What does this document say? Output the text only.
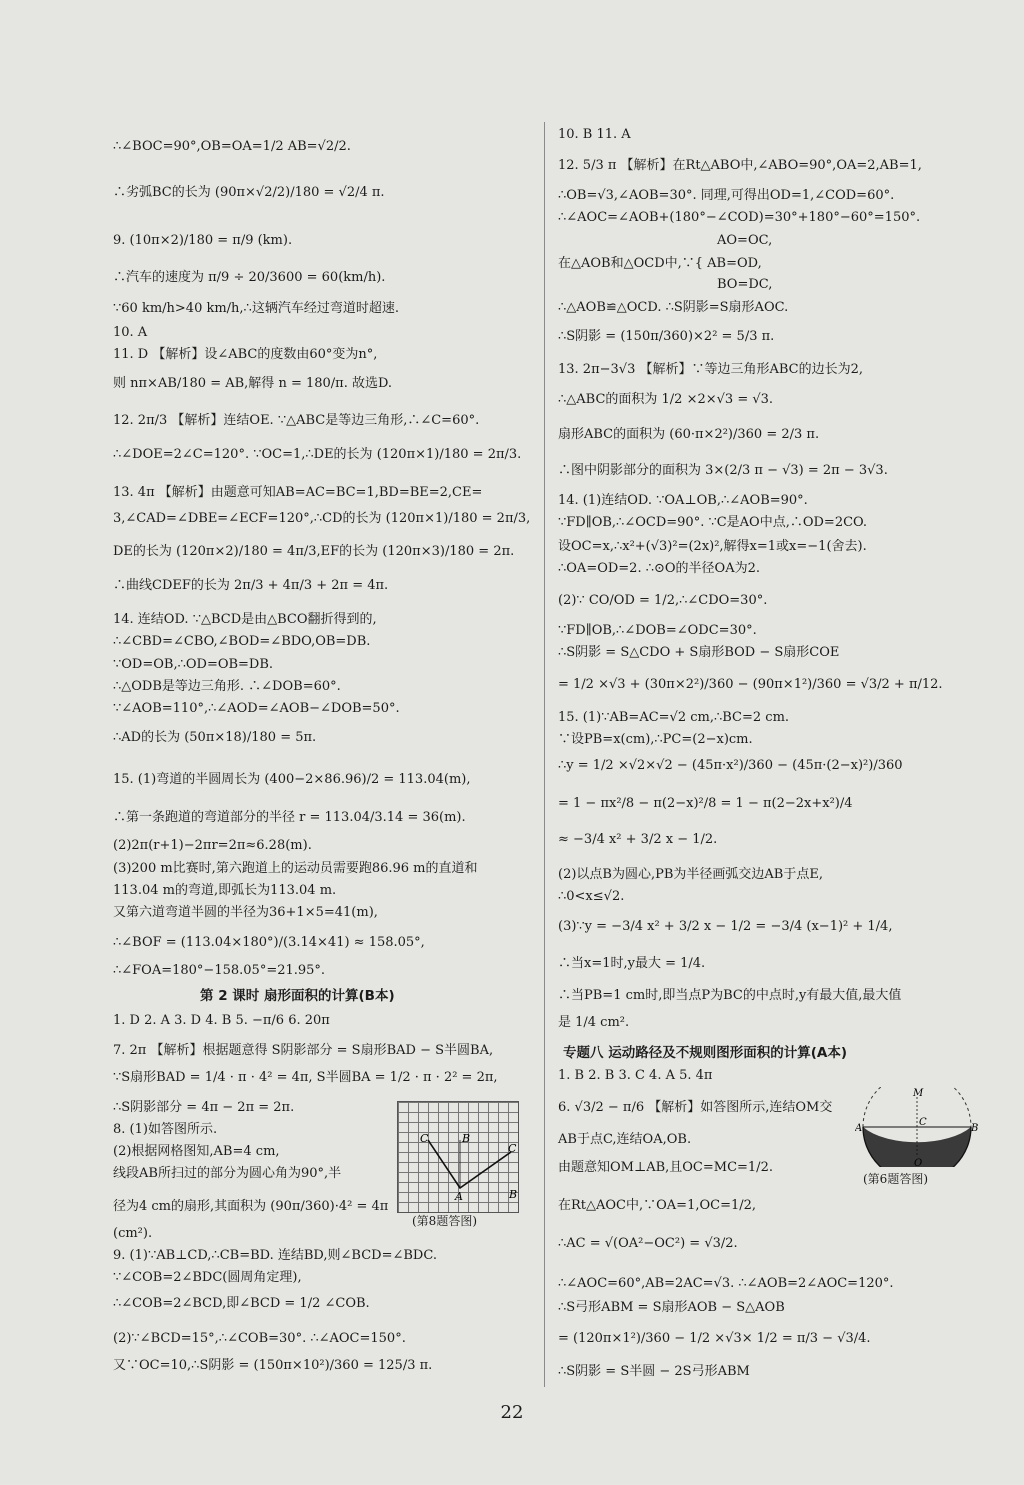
∴∠BOC=90°,OB=OA=1/2 AB=√2/2.
∴劣弧BC的长为 (90π×√2/2)/180 = √2/4 π.
9. (10π×2)/180 = π/9 (km).
∴汽车的速度为 π/9 ÷ 20/3600 = 60(km/h).
∵60 km/h>40 km/h,∴这辆汽车经过弯道时超速.
10. A
11. D 【解析】设∠ABC的度数由60°变为n°,
则 nπ×AB/180 = AB,解得 n = 180/π. 故选D.
12. 2π/3 【解析】连结OE. ∵△ABC是等边三角形,∴∠C=60°.
∴∠DOE=2∠C=120°. ∵OC=1,∴DE的长为 (120π×1)/180 = 2π/3.
13. 4π 【解析】由题意可知AB=AC=BC=1,BD=BE=2,CE=
3,∠CAD=∠DBE=∠ECF=120°,∴CD的长为 (120π×1)/180 = 2π/3,
DE的长为 (120π×2)/180 = 4π/3,EF的长为 (120π×3)/180 = 2π.
∴曲线CDEF的长为 2π/3 + 4π/3 + 2π = 4π.
14. 连结OD. ∵△BCD是由△BCO翻折得到的,
∴∠CBD=∠CBO,∠BOD=∠BDO,OB=DB.
∵OD=OB,∴OD=OB=DB.
∴△ODB是等边三角形. ∴∠DOB=60°.
∵∠AOB=110°,∴∠AOD=∠AOB−∠DOB=50°.
∴AD的长为 (50π×18)/180 = 5π.
15. (1)弯道的半圆周长为 (400−2×86.96)/2 = 113.04(m),
∴第一条跑道的弯道部分的半径 r = 113.04/3.14 = 36(m).
(2)2π(r+1)−2πr=2π≈6.28(m).
(3)200 m比赛时,第六跑道上的运动员需要跑86.96 m的直道和
113.04 m的弯道,即弧长为113.04 m.
又第六道弯道半圆的半径为36+1×5=41(m),
∴∠BOF = (113.04×180°)/(3.14×41) ≈ 158.05°,
∴∠FOA=180°−158.05°=21.95°.
第 2 课时 扇形面积的计算(B本)
1. D 2. A 3. D 4. B 5. −π/6 6. 20π
7. 2π 【解析】根据题意得 S阴影部分 = S扇形BAD − S半圆BA,
∵S扇形BAD = 1/4 · π · 4² = 4π, S半圆BA = 1/2 · π · 2² = 2π,
∴S阴影部分 = 4π − 2π = 2π.
8. (1)如答图所示.
(2)根据网格图知,AB=4 cm,
线段AB所扫过的部分为圆心角为90°,半
径为4 cm的扇形,其面积为 (90π/360)·4² = 4π
(cm²).
9. (1)∵AB⊥CD,∴CB=BD. 连结BD,则∠BCD=∠BDC.
∵∠COB=2∠BDC(圆周角定理),
∴∠COB=2∠BCD,即∠BCD = 1/2 ∠COB.
(2)∵∠BCD=15°,∴∠COB=30°. ∴∠AOC=150°.
又∵OC=10,∴S阴影 = (150π×10²)/360 = 125/3 π.
C	B
C
A	B
(第8题答图)
10. B 11. A
12. 5/3 π 【解析】在Rt△ABO中,∠ABO=90°,OA=2,AB=1,
∴OB=√3,∠AOB=30°. 同理,可得出OD=1,∠COD=60°.
∴∠AOC=∠AOB+(180°−∠COD)=30°+180°−60°=150°.
AO=OC,
在△AOB和△OCD中,∵{ AB=OD,
BO=DC,
∴△AOB≌△OCD. ∴S阴影=S扇形AOC.
∴S阴影 = (150π/360)×2² = 5/3 π.
13. 2π−3√3 【解析】∵等边三角形ABC的边长为2,
∴△ABC的面积为 1/2 ×2×√3 = √3.
扇形ABC的面积为 (60·π×2²)/360 = 2/3 π.
∴图中阴影部分的面积为 3×(2/3 π − √3) = 2π − 3√3.
14. (1)连结OD. ∵OA⊥OB,∴∠AOB=90°.
∵FD∥OB,∴∠OCD=90°. ∵C是AO中点,∴OD=2CO.
设OC=x,∴x²+(√3)²=(2x)²,解得x=1或x=−1(舍去).
∴OA=OD=2. ∴⊙O的半径OA为2.
(2)∵ CO/OD = 1/2,∴∠CDO=30°.
∵FD∥OB,∴∠DOB=∠ODC=30°.
∴S阴影 = S△CDO + S扇形BOD − S扇形COE
= 1/2 ×√3 + (30π×2²)/360 − (90π×1²)/360 = √3/2 + π/12.
15. (1)∵AB=AC=√2 cm,∴BC=2 cm.
∵设PB=x(cm),∴PC=(2−x)cm.
∴y = 1/2 ×√2×√2 − (45π·x²)/360 − (45π·(2−x)²)/360
= 1 − πx²/8 − π(2−x)²/8 = 1 − π(2−2x+x²)/4
≈ −3/4 x² + 3/2 x − 1/2.
(2)以点B为圆心,PB为半径画弧交边AB于点E,
∴0<x≤√2.
(3)∵y = −3/4 x² + 3/2 x − 1/2 = −3/4 (x−1)² + 1/4,
∴当x=1时,y最大 = 1/4.
∴当PB=1 cm时,即当点P为BC的中点时,y有最大值,最大值
是 1/4 cm².
专题八 运动路径及不规则图形面积的计算(A本)
1. B 2. B 3. C 4. A 5. 4π
6. √3/2 − π/6 【解析】如答图所示,连结OM交
AB于点C,连结OA,OB.
由题意知OM⊥AB,且OC=MC=1/2.
在Rt△AOC中,∵OA=1,OC=1/2,
∴AC = √(OA²−OC²) = √3/2.
∴∠AOC=60°,AB=2AC=√3. ∴∠AOB=2∠AOC=120°.
∴S弓形ABM = S扇形AOB − S△AOB
= (120π×1²)/360 − 1/2 ×√3× 1/2 = π/3 − √3/4.
∴S阴影 = S半圆 − 2S弓形ABM
M
A
C
B
O
(第6题答图)
22
